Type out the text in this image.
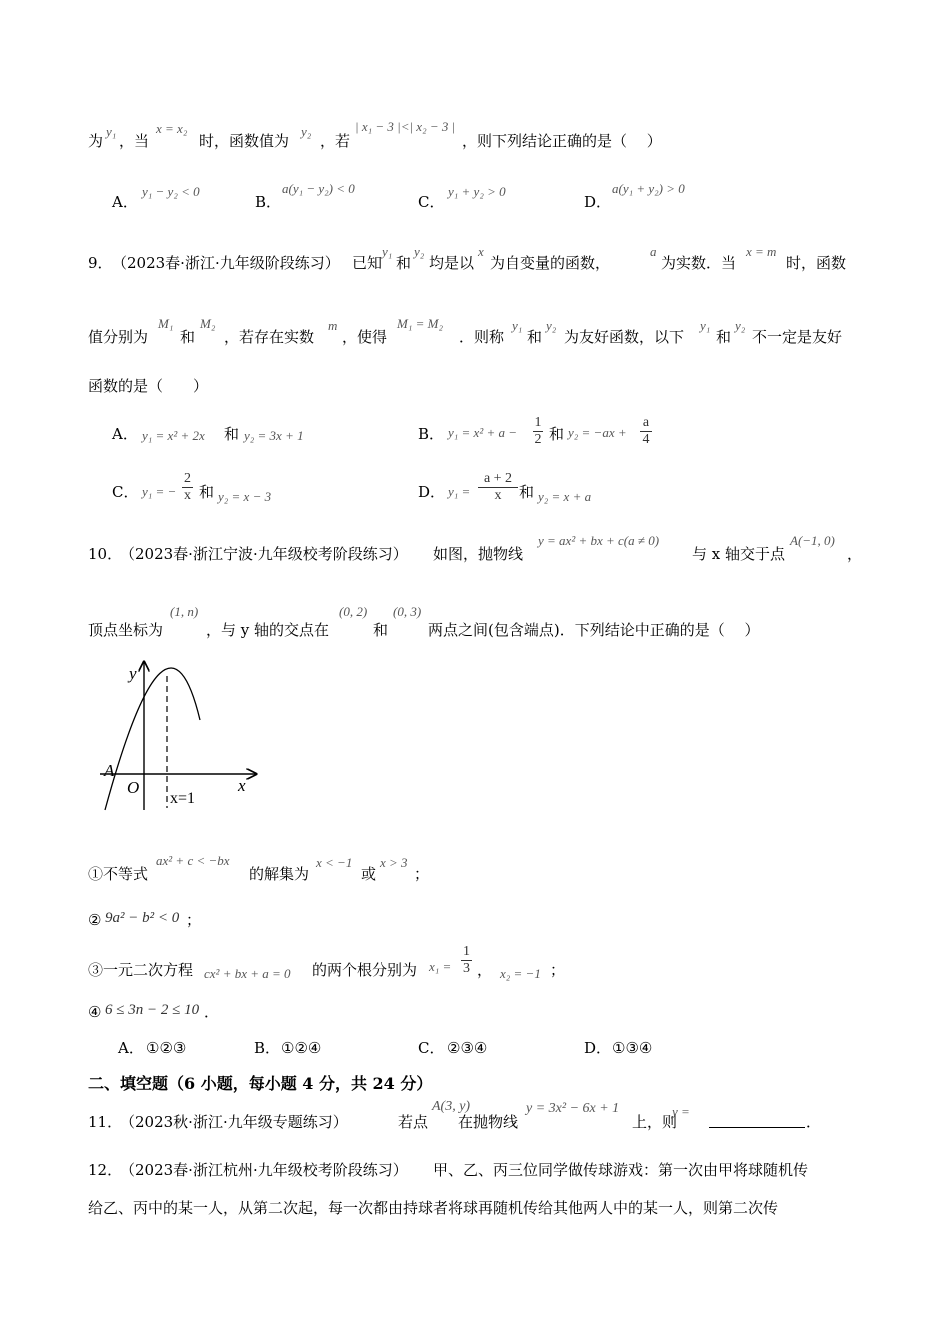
为
y₁
，当
x = x₂
时，函数值为
y₂
，若
| x₁ − 3 |<| x₂ − 3 |
，则下列结论正确的是（　 ）
A．
y₁ − y₂ < 0
B．
a(y₁ − y₂) < 0
C．
y₁ + y₂ > 0
D．
a(y₁ + y₂) > 0
9． （2023春·浙江·九年级阶段练习） 已知
y₁
和
y₂
均是以
x
为自变量的函数，
a
为实数．当
x = m
时，函数
值分别为
M₁
和
M₂
，若存在实数
m
，使得
M₁ = M₂
．则称
y₁
和
y₂
为友好函数，以下
y₁
和
y₂
不一定是友好
函数的是（　　）
A． y₁ = x² + 2x 和 y₂ = 3x + 1	B． $y_1 = x^2 + a - \frac{1}{2}$ 和 $y_2 = -ax + \frac{a}{4}$
C． y₁ = − $\frac{2}{x}$ 和 y₂ = x − 3	D． $y_1 = \frac{a + 2}{x}$ 和 y₂ = x + a
10．
（2023春·浙江宁波·九年级校考阶段练习） 如图，抛物线
y = ax² + bx + c(a ≠ 0)
与 x 轴交于点
A(−1, 0)
，
顶点坐标为
(1, n)
，与 y 轴的交点在
(0, 2)
和
(0, 3)
两点之间(包含端点)．下列结论中正确的是（　 ）
y
x
A
O
x=1
①不等式
ax² + c < −bx
的解集为
x < −1
或
x > 3
；
② 9a² − b² < 0 ；
③一元二次方程 cx² + bx + a = 0 的两个根分别为 $x_1 = \frac{1}{3}$ ， x₂ = −1 ；
④ 6 ≤ 3n − 2 ≤ 10 ．
A． ①②③	B． ①②④	C． ②③④	D． ①③④
二、填空题（6 小题，每小题 4 分，共 24 分）
11．
（2023秋·浙江·九年级专题练习）	若点
A(3, y)
在抛物线
y = 3x² − 6x + 1
上，则
y =
．
12．
（2023春·浙江杭州·九年级校考阶段练习） 甲、乙、丙三位同学做传球游戏：第一次由甲将球随机传
给乙、丙中的某一人，从第二次起，每一次都由持球者将球再随机传给其他两人中的某一人，则第二次传
